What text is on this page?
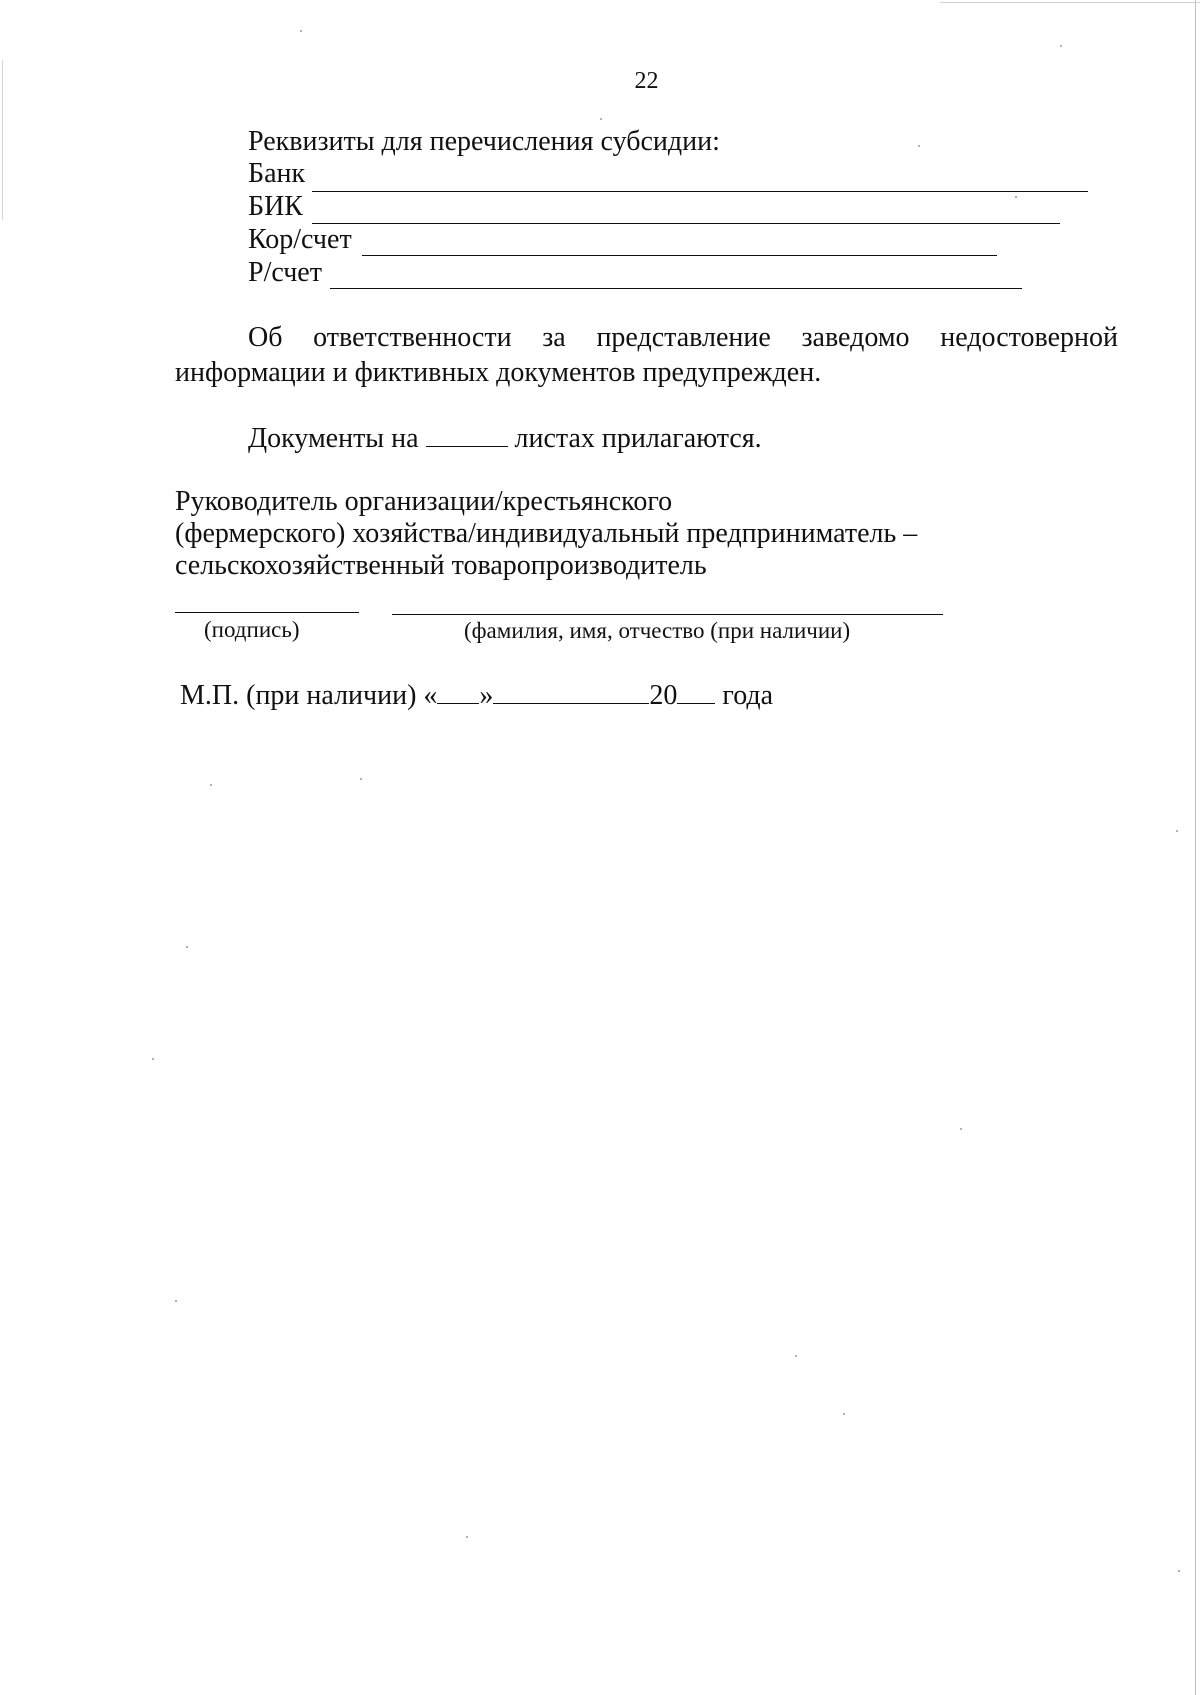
22
Реквизиты для перечисления субсидии:
Банк
БИК
Кор/счет
Р/счет
Об ответственности за представление заведомо недостоверной
информации и фиктивных документов предупрежден.
Документы на	листах прилагаются.
Руководитель организации/крестьянского
(фермерского) хозяйства/индивидуальный предприниматель –
сельскохозяйственный товаропроизводитель
(подпись)	(фамилия, имя, отчество (при наличии)
М.П. (при наличии) « »	20 года
